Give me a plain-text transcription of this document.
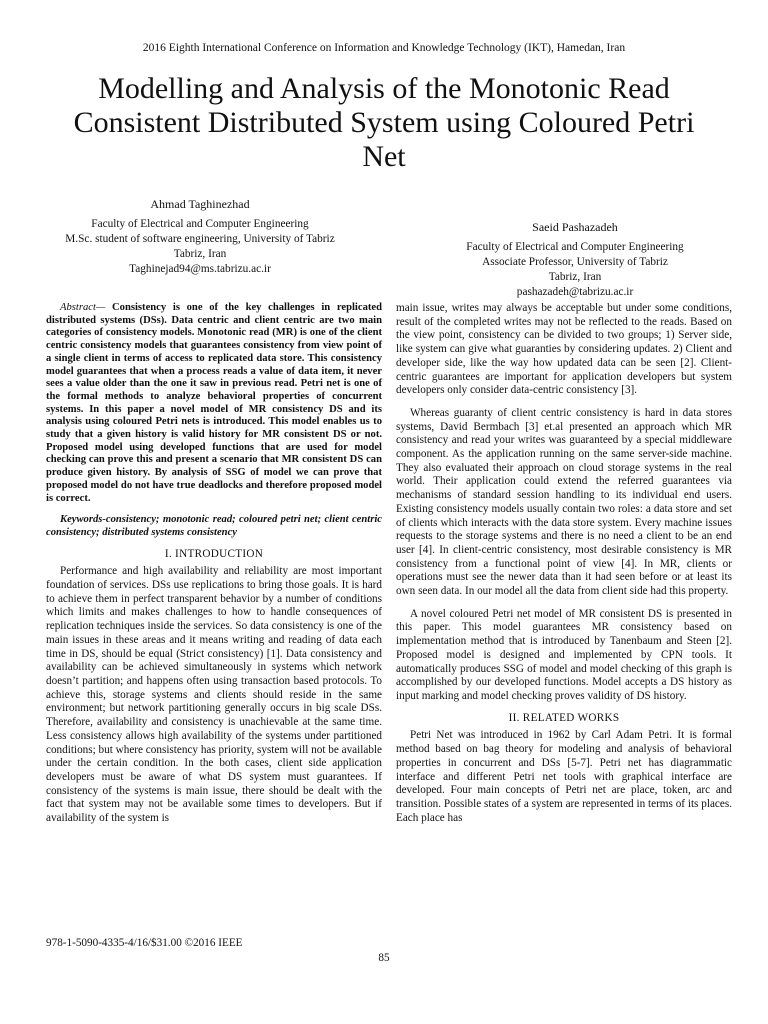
2016 Eighth International Conference on Information and Knowledge Technology (IKT), Hamedan, Iran
Modelling and Analysis of the Monotonic Read Consistent Distributed System using Coloured Petri Net
Ahmad Taghinezhad
Faculty of Electrical and Computer Engineering
M.Sc. student of software engineering, University of Tabriz
Tabriz, Iran
Taghinejad94@ms.tabrizu.ac.ir
Saeid Pashazadeh
Faculty of Electrical and Computer Engineering
Associate Professor, University of Tabriz
Tabriz, Iran
pashazadeh@tabrizu.ac.ir

Abstract— Consistency is one of the key challenges in replicated distributed systems (DSs). Data centric and client centric are two main categories of consistency models. Monotonic read (MR) is one of the client centric consistency models that guarantees consistency from view point of a single client in terms of access to replicated data store. This consistency model guarantees that when a process reads a value of data item, it never sees a value older than the one it saw in previous read. Petri net is one of the formal methods to analyze behavioral properties of concurrent systems. In this paper a novel model of MR consistency DS and its analysis using coloured Petri nets is introduced. This model enables us to study that a given history is valid history for MR consistent DS or not. Proposed model using developed functions that are used for model checking can prove this and present a scenario that MR consistent DS can produce given history. By analysis of SSG of model we can prove that proposed model do not have true deadlocks and therefore proposed model is correct.

Keywords-consistency; monotonic read; coloured petri net; client centric consistency; distributed systems consistency

I. INTRODUCTION

Performance and high availability and reliability are most important foundation of services. DSs use replications to bring those goals. It is hard to achieve them in perfect transparent behavior by a number of conditions which limits and makes challenges to how to handle consequences of replication techniques inside the services. So data consistency is one of the main issues in these areas and it means writing and reading of data each time in DS, should be equal (Strict consistency) [1]. Data consistency and availability can be achieved simultaneously in systems which network doesn’t partition; and happens often using transaction based protocols. To achieve this, storage systems and clients should reside in the same environment; but network partitioning generally occurs in big scale DSs. Therefore, availability and consistency is unachievable at the same time. Less consistency allows high availability of the systems under partitioned conditions; but where consistency has priority, system will not be available under the certain condition. In the both cases, client side application developers must be aware of what DS system must guarantees. If consistency of the systems is main issue, there should be dealt with the fact that system may not be available some times to developers. But if availability of the system is

main issue, writes may always be acceptable but under some conditions, result of the completed writes may not be reflected to the reads. Based on the view point, consistency can be divided to two groups; 1) Server side, like system can give what guaranties by considering updates. 2) Client and developer side, like the way how updated data can be seen [2]. Client-centric guarantees are important for application developers but system developers only consider data-centric consistency [3].

Whereas guaranty of client centric consistency is hard in data stores systems, David Bermbach [3] et.al presented an approach which MR consistency and read your writes was guaranteed by a special middleware component. As the application running on the same server-side machine. They also evaluated their approach on cloud storage systems in the real world. Their application could extend the referred guarantees via mechanisms of standard session handling to its individual end users. Existing consistency models usually contain two roles: a data store and set of clients which interacts with the data store system. Every machine issues requests to the storage systems and there is no need a client to be an end user [4]. In client-centric consistency, most desirable consistency is MR consistency from a functional point of view [4]. In MR, clients or operations must see the newer data than it had seen before or at least its own seen data. In our model all the data from client side had this property.

A novel coloured Petri net model of MR consistent DS is presented in this paper. This model guarantees MR consistency based on implementation method that is introduced by Tanenbaum and Steen [2]. Proposed model is designed and implemented by CPN tools. It automatically produces SSG of model and model checking of this graph is accomplished by our developed functions. Model accepts a DS history as input marking and model checking proves validity of DS history.

II. RELATED WORKS

Petri Net was introduced in 1962 by Carl Adam Petri. It is formal method based on bag theory for modeling and analysis of behavioral properties in concurrent and DSs [5-7]. Petri net has diagrammatic interface and different Petri net tools with graphical interface are developed. Four main concepts of Petri net are place, token, arc and transition. Possible states of a system are represented in terms of its places. Each place has

978-1-5090-4335-4/16/$31.00 ©2016 IEEE
85
